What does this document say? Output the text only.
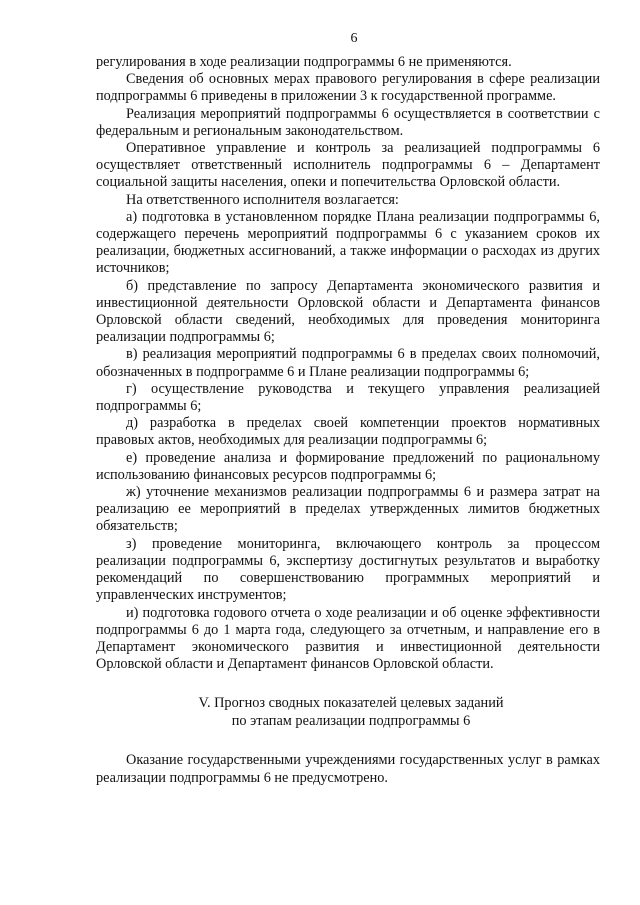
6

регулирования в ходе реализации подпрограммы 6 не применяются.

Сведения об основных мерах правового регулирования в сфере реализации подпрограммы 6 приведены в приложении 3 к государственной программе.

Реализация мероприятий подпрограммы 6 осуществляется в соответствии с федеральным и региональным законодательством.

Оперативное управление и контроль за реализацией подпрограммы 6 осуществляет ответственный исполнитель подпрограммы 6 – Департамент социальной защиты населения, опеки и попечительства Орловской области.

На ответственного исполнителя возлагается:

а) подготовка в установленном порядке Плана реализации подпрограммы 6, содержащего перечень мероприятий подпрограммы 6 с указанием сроков их реализации, бюджетных ассигнований, а также информации о расходах из других источников;

б) представление по запросу Департамента экономического развития и инвестиционной деятельности Орловской области и Департамента финансов Орловской области сведений, необходимых для проведения мониторинга реализации подпрограммы 6;

в) реализация мероприятий подпрограммы 6 в пределах своих полномочий, обозначенных в подпрограмме 6 и Плане реализации подпрограммы 6;

г) осуществление руководства и текущего управления реализацией подпрограммы 6;

д) разработка в пределах своей компетенции проектов нормативных правовых актов, необходимых для реализации подпрограммы 6;

е) проведение анализа и формирование предложений по рациональному использованию финансовых ресурсов подпрограммы 6;

ж) уточнение механизмов реализации подпрограммы 6 и размера затрат на реализацию ее мероприятий в пределах утвержденных лимитов бюджетных обязательств;

з) проведение мониторинга, включающего контроль за процессом реализации подпрограммы 6, экспертизу достигнутых результатов и выработку рекомендаций по совершенствованию программных мероприятий и управленческих инструментов;

и) подготовка годового отчета о ходе реализации и об оценке эффективности подпрограммы 6 до 1 марта года, следующего за отчетным, и направление его в Департамент экономического развития и инвестиционной деятельности Орловской области и Департамент финансов Орловской области.

V. Прогноз сводных показателей целевых заданий
по этапам реализации подпрограммы 6

Оказание государственными учреждениями государственных услуг в рамках реализации подпрограммы 6 не предусмотрено.
